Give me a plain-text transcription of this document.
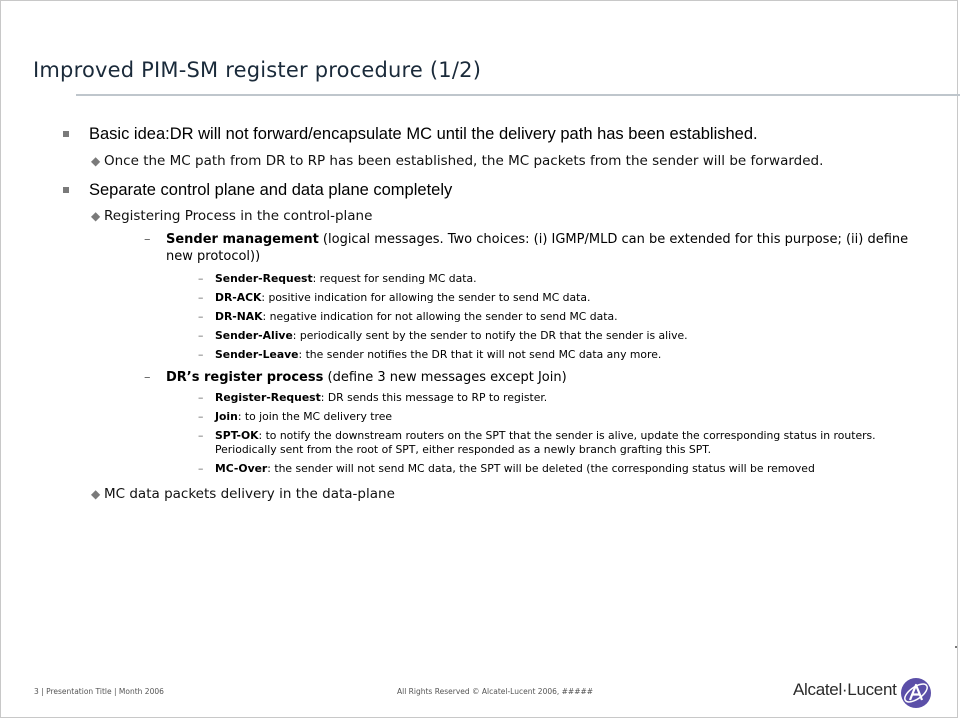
Improved PIM-SM register procedure (1/2)
Basic idea:DR will not forward/encapsulate MC until the delivery path has been established.
◆ Once the MC path from DR to RP has been established, the MC packets from the sender will be forwarded.
Separate control plane and data plane completely
◆ Registering Process in the control-plane
– Sender management (logical messages. Two choices: (i) IGMP/MLD can be extended for this purpose; (ii) define new protocol))
– Sender-Request: request for sending MC data.
– DR-ACK: positive indication for allowing the sender to send MC data.
– DR-NAK: negative indication for not allowing the sender to send MC data.
– Sender-Alive: periodically sent by the sender to notify the DR that the sender is alive.
– Sender-Leave: the sender notifies the DR that it will not send MC data any more.
– DR’s register process (define 3 new messages except Join)
– Register-Request: DR sends this message to RP to register.
– Join: to join the MC delivery tree
– SPT-OK: to notify the downstream routers on the SPT that the sender is alive, update the corresponding status in routers. Periodically sent from the root of SPT, either responded as a newly branch grafting this SPT.
– MC-Over: the sender will not send MC data, the SPT will be deleted (the corresponding status will be removed
◆ MC data packets delivery in the data-plane
3 | Presentation Title | Month 2006	All Rights Reserved © Alcatel-Lucent 2006, #####	Alcatel·Lucent
